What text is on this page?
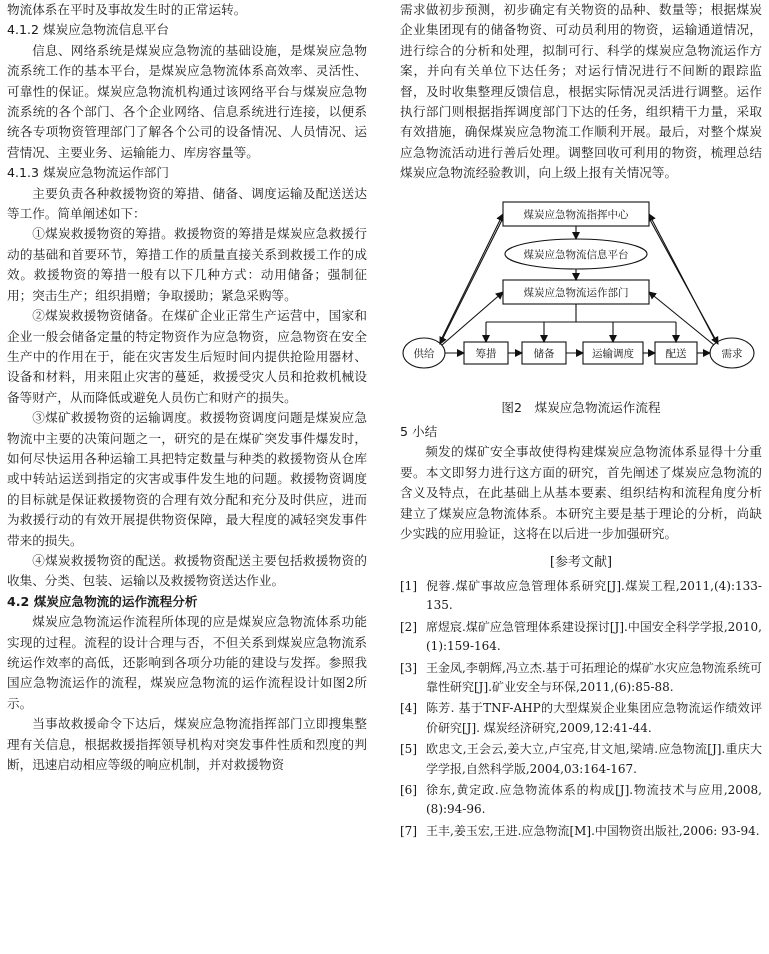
物流体系在平时及事故发生时的正常运转。

4.1.2 煤炭应急物流信息平台

信息、网络系统是煤炭应急物流的基础设施，是煤炭应急物流系统工作的基本平台，是煤炭应急物流体系高效率、灵活性、可靠性的保证。煤炭应急物流机构通过该网络平台与煤炭应急物流系统的各个部门、各个企业网络、信息系统进行连接，以便系统各专项物资管理部门了解各个公司的设备情况、人员情况、运营情况、主要业务、运输能力、库房容量等。

4.1.3 煤炭应急物流运作部门

主要负责各种救援物资的筹措、储备、调度运输及配送送达等工作。简单阐述如下：

①煤炭救援物资的筹措。救援物资的筹措是煤炭应急救援行动的基础和首要环节，筹措工作的质量直接关系到救援工作的成效。救援物资的筹措一般有以下几种方式：动用储备；强制征用；突击生产；组织捐赠；争取援助；紧急采购等。

②煤炭救援物资储备。在煤矿企业正常生产运营中，国家和企业一般会储备定量的特定物资作为应急物资，应急物资在安全生产中的作用在于，能在灾害发生后短时间内提供抢险用器材、设备和材料，用来阻止灾害的蔓延，救援受灾人员和抢救机械设备等财产，从而降低或避免人员伤亡和财产的损失。

③煤矿救援物资的运输调度。救援物资调度问题是煤炭应急物流中主要的决策问题之一，研究的是在煤矿突发事件爆发时，如何尽快运用各种运输工具把特定数量与种类的救援物资从仓库或中转站运送到指定的灾害或事件发生地的问题。救援物资调度的目标就是保证救援物资的合理有效分配和充分及时供应，进而为救援行动的有效开展提供物资保障，最大程度的减轻突发事件带来的损失。

④煤炭救援物资的配送。救援物资配送主要包括救援物资的收集、分类、包装、运输以及救援物资送达作业。

4.2 煤炭应急物流的运作流程分析

煤炭应急物流运作流程所体现的应是煤炭应急物流体系功能实现的过程。流程的设计合理与否，不但关系到煤炭应急物流系统运作效率的高低，还影响到各项分功能的建设与发挥。参照我国应急物流运作的流程，煤炭应急物流的运作流程设计如图2所示。

当事故救援命令下达后，煤炭应急物流指挥部门立即搜集整理有关信息，根据救援指挥领导机构对突发事件性质和烈度的判断，迅速启动相应等级的响应机制，并对救援物资

需求做初步预测，初步确定有关物资的品种、数量等；根据煤炭企业集团现有的储备物资、可动员利用的物资，运输通道情况，进行综合的分析和处理，拟制可行、科学的煤炭应急物流运作方案，并向有关单位下达任务；对运行情况进行不间断的跟踪监督，及时收集整理反馈信息，根据实际情况灵活进行调整。运作执行部门则根据指挥调度部门下达的任务，组织精干力量，采取有效措施，确保煤炭应急物流工作顺利开展。最后，对整个煤炭应急物流活动进行善后处理。调整回收可利用的物资，梳理总结煤炭应急物流经验教训，向上级上报有关情况等。

煤炭应急物流指挥中心
煤炭应急物流信息平台
煤炭应急物流运作部门
供给	需求
筹措	储备	运输调度	配送

图2　煤炭应急物流运作流程

5 小结

频发的煤矿安全事故使得构建煤炭应急物流体系显得十分重要。本文即努力进行这方面的研究，首先阐述了煤炭应急物流的含义及特点，在此基础上从基本要素、组织结构和流程角度分析建立了煤炭应急物流体系。本研究主要是基于理论的分析，尚缺少实践的应用验证，这将在以后进一步加强研究。

[参考文献]

[1] 倪蓉.煤矿事故应急管理体系研究[J].煤炭工程,2011,(4):133-135.
[2] 席煜宸.煤矿应急管理体系建设探讨[J].中国安全科学学报,2010, (1):159-164.
[3] 王金凤,李朝辉,冯立杰.基于可拓理论的煤矿水灾应急物流系统可靠性研究[J].矿业安全与环保,2011,(6):85-88.
[4] 陈芳. 基于TNF-AHP的大型煤炭企业集团应急物流运作绩效评价研究[J]. 煤炭经济研究,2009,12:41-44.
[5] 欧忠文,王会云,姜大立,卢宝亮,甘文旭,梁靖.应急物流[J].重庆大学学报,自然科学版,2004,03:164-167.
[6] 徐东,黄定政.应急物流体系的构成[J].物流技术与应用,2008,(8):94-96.
[7] 王丰,姜玉宏,王进.应急物流[M].中国物资出版社,2006: 93-94.
